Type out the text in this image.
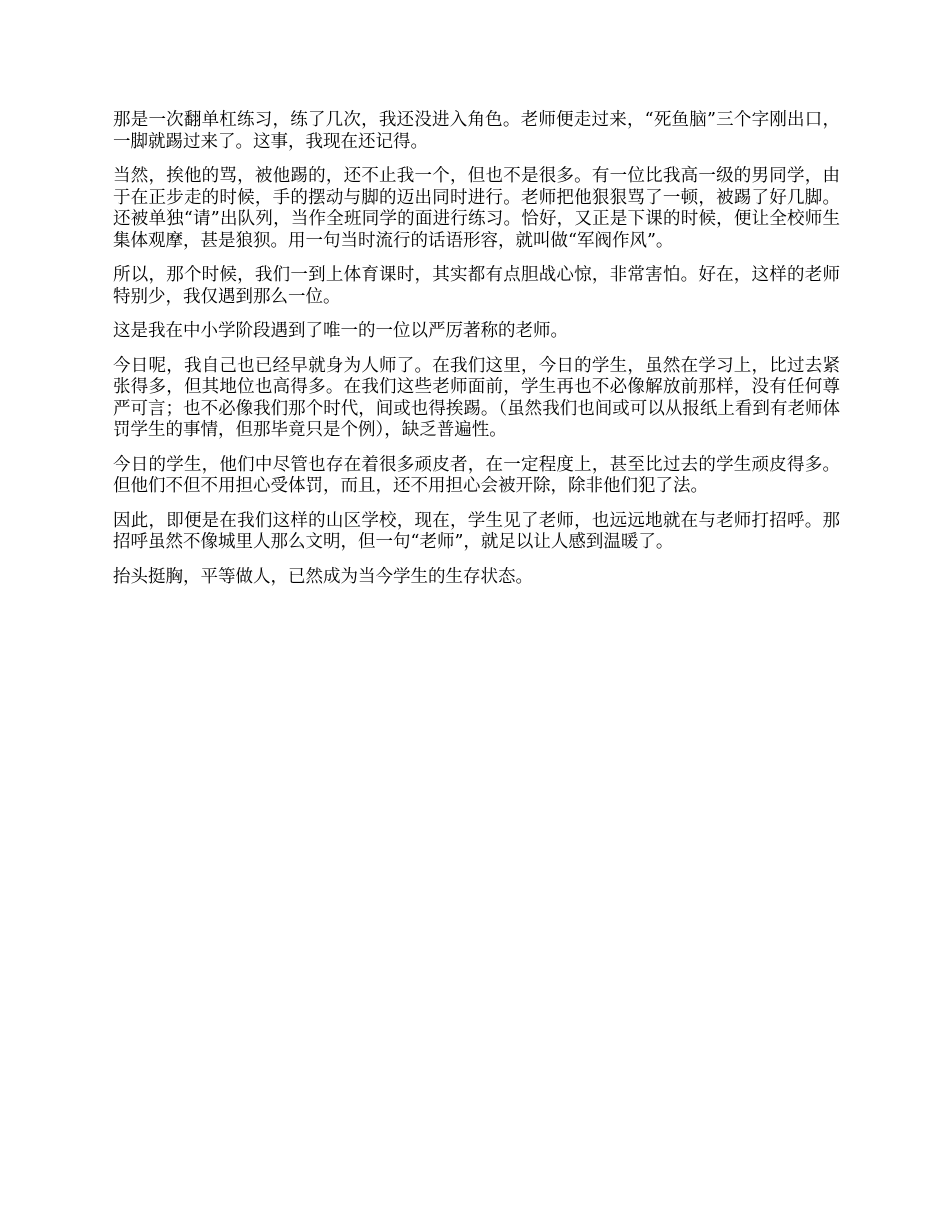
那是一次翻单杠练习，练了几次，我还没进入角色。老师便走过来，“死鱼脑”三个字刚出口，一脚就踢过来了。这事，我现在还记得。

当然，挨他的骂，被他踢的，还不止我一个，但也不是很多。有一位比我高一级的男同学，由于在正步走的时候，手的摆动与脚的迈出同时进行。老师把他狠狠骂了一顿，被踢了好几脚。还被单独“请”出队列，当作全班同学的面进行练习。恰好，又正是下课的时候，便让全校师生集体观摩，甚是狼狈。用一句当时流行的话语形容，就叫做“军阀作风”。

所以，那个时候，我们一到上体育课时，其实都有点胆战心惊，非常害怕。好在，这样的老师特别少，我仅遇到那么一位。

这是我在中小学阶段遇到了唯一的一位以严厉著称的老师。

今日呢，我自己也已经早就身为人师了。在我们这里，今日的学生，虽然在学习上，比过去紧张得多，但其地位也高得多。在我们这些老师面前，学生再也不必像解放前那样，没有任何尊严可言；也不必像我们那个时代，间或也得挨踢。（虽然我们也间或可以从报纸上看到有老师体罚学生的事情，但那毕竟只是个例），缺乏普遍性。

今日的学生，他们中尽管也存在着很多顽皮者，在一定程度上，甚至比过去的学生顽皮得多。但他们不但不用担心受体罚，而且，还不用担心会被开除，除非他们犯了法。

因此，即便是在我们这样的山区学校，现在，学生见了老师，也远远地就在与老师打招呼。那招呼虽然不像城里人那么文明，但一句“老师”，就足以让人感到温暖了。

抬头挺胸，平等做人，已然成为当今学生的生存状态。
